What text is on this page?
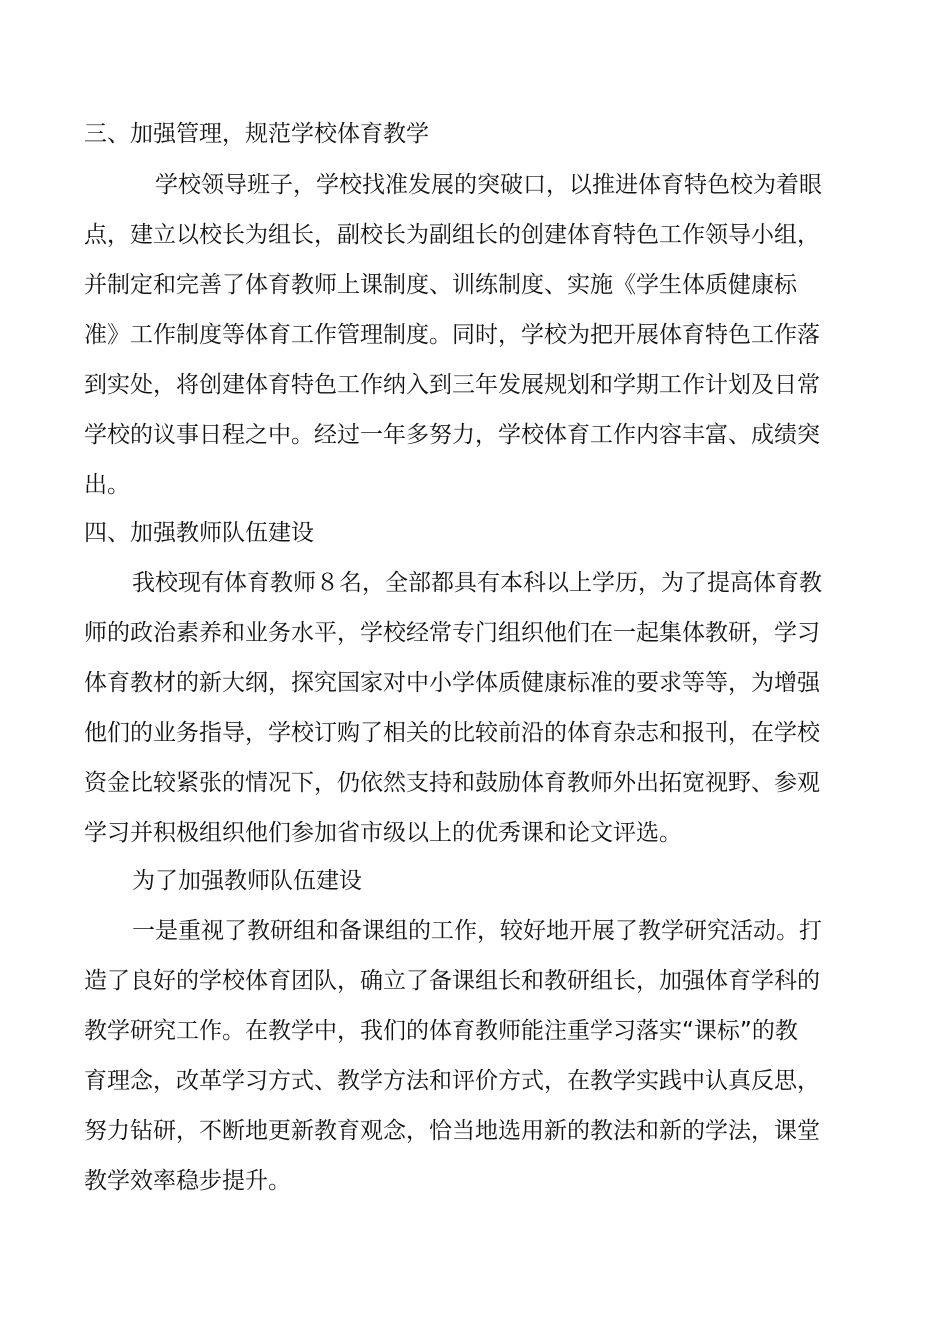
三、加强管理，规范学校体育教学
学校领导班子，学校找准发展的突破口，以推进体育特色校为着眼
点，建立以校长为组长，副校长为副组长的创建体育特色工作领导小组，
并制定和完善了体育教师上课制度、训练制度、实施《学生体质健康标
准》工作制度等体育工作管理制度。同时，学校为把开展体育特色工作落
到实处，将创建体育特色工作纳入到三年发展规划和学期工作计划及日常
学校的议事日程之中。经过一年多努力，学校体育工作内容丰富、成绩突
出。
四、加强教师队伍建设
我校现有体育教师８名，全部都具有本科以上学历，为了提高体育教
师的政治素养和业务水平，学校经常专门组织他们在一起集体教研，学习
体育教材的新大纲，探究国家对中小学体质健康标准的要求等等，为增强
他们的业务指导，学校订购了相关的比较前沿的体育杂志和报刊，在学校
资金比较紧张的情况下，仍依然支持和鼓励体育教师外出拓宽视野、参观
学习并积极组织他们参加省市级以上的优秀课和论文评选。
为了加强教师队伍建设
一是重视了教研组和备课组的工作，较好地开展了教学研究活动。打
造了良好的学校体育团队，确立了备课组长和教研组长，加强体育学科的
教学研究工作。在教学中，我们的体育教师能注重学习落实“课标”的教
育理念，改革学习方式、教学方法和评价方式，在教学实践中认真反思，
努力钻研，不断地更新教育观念，恰当地选用新的教法和新的学法，课堂
教学效率稳步提升。
